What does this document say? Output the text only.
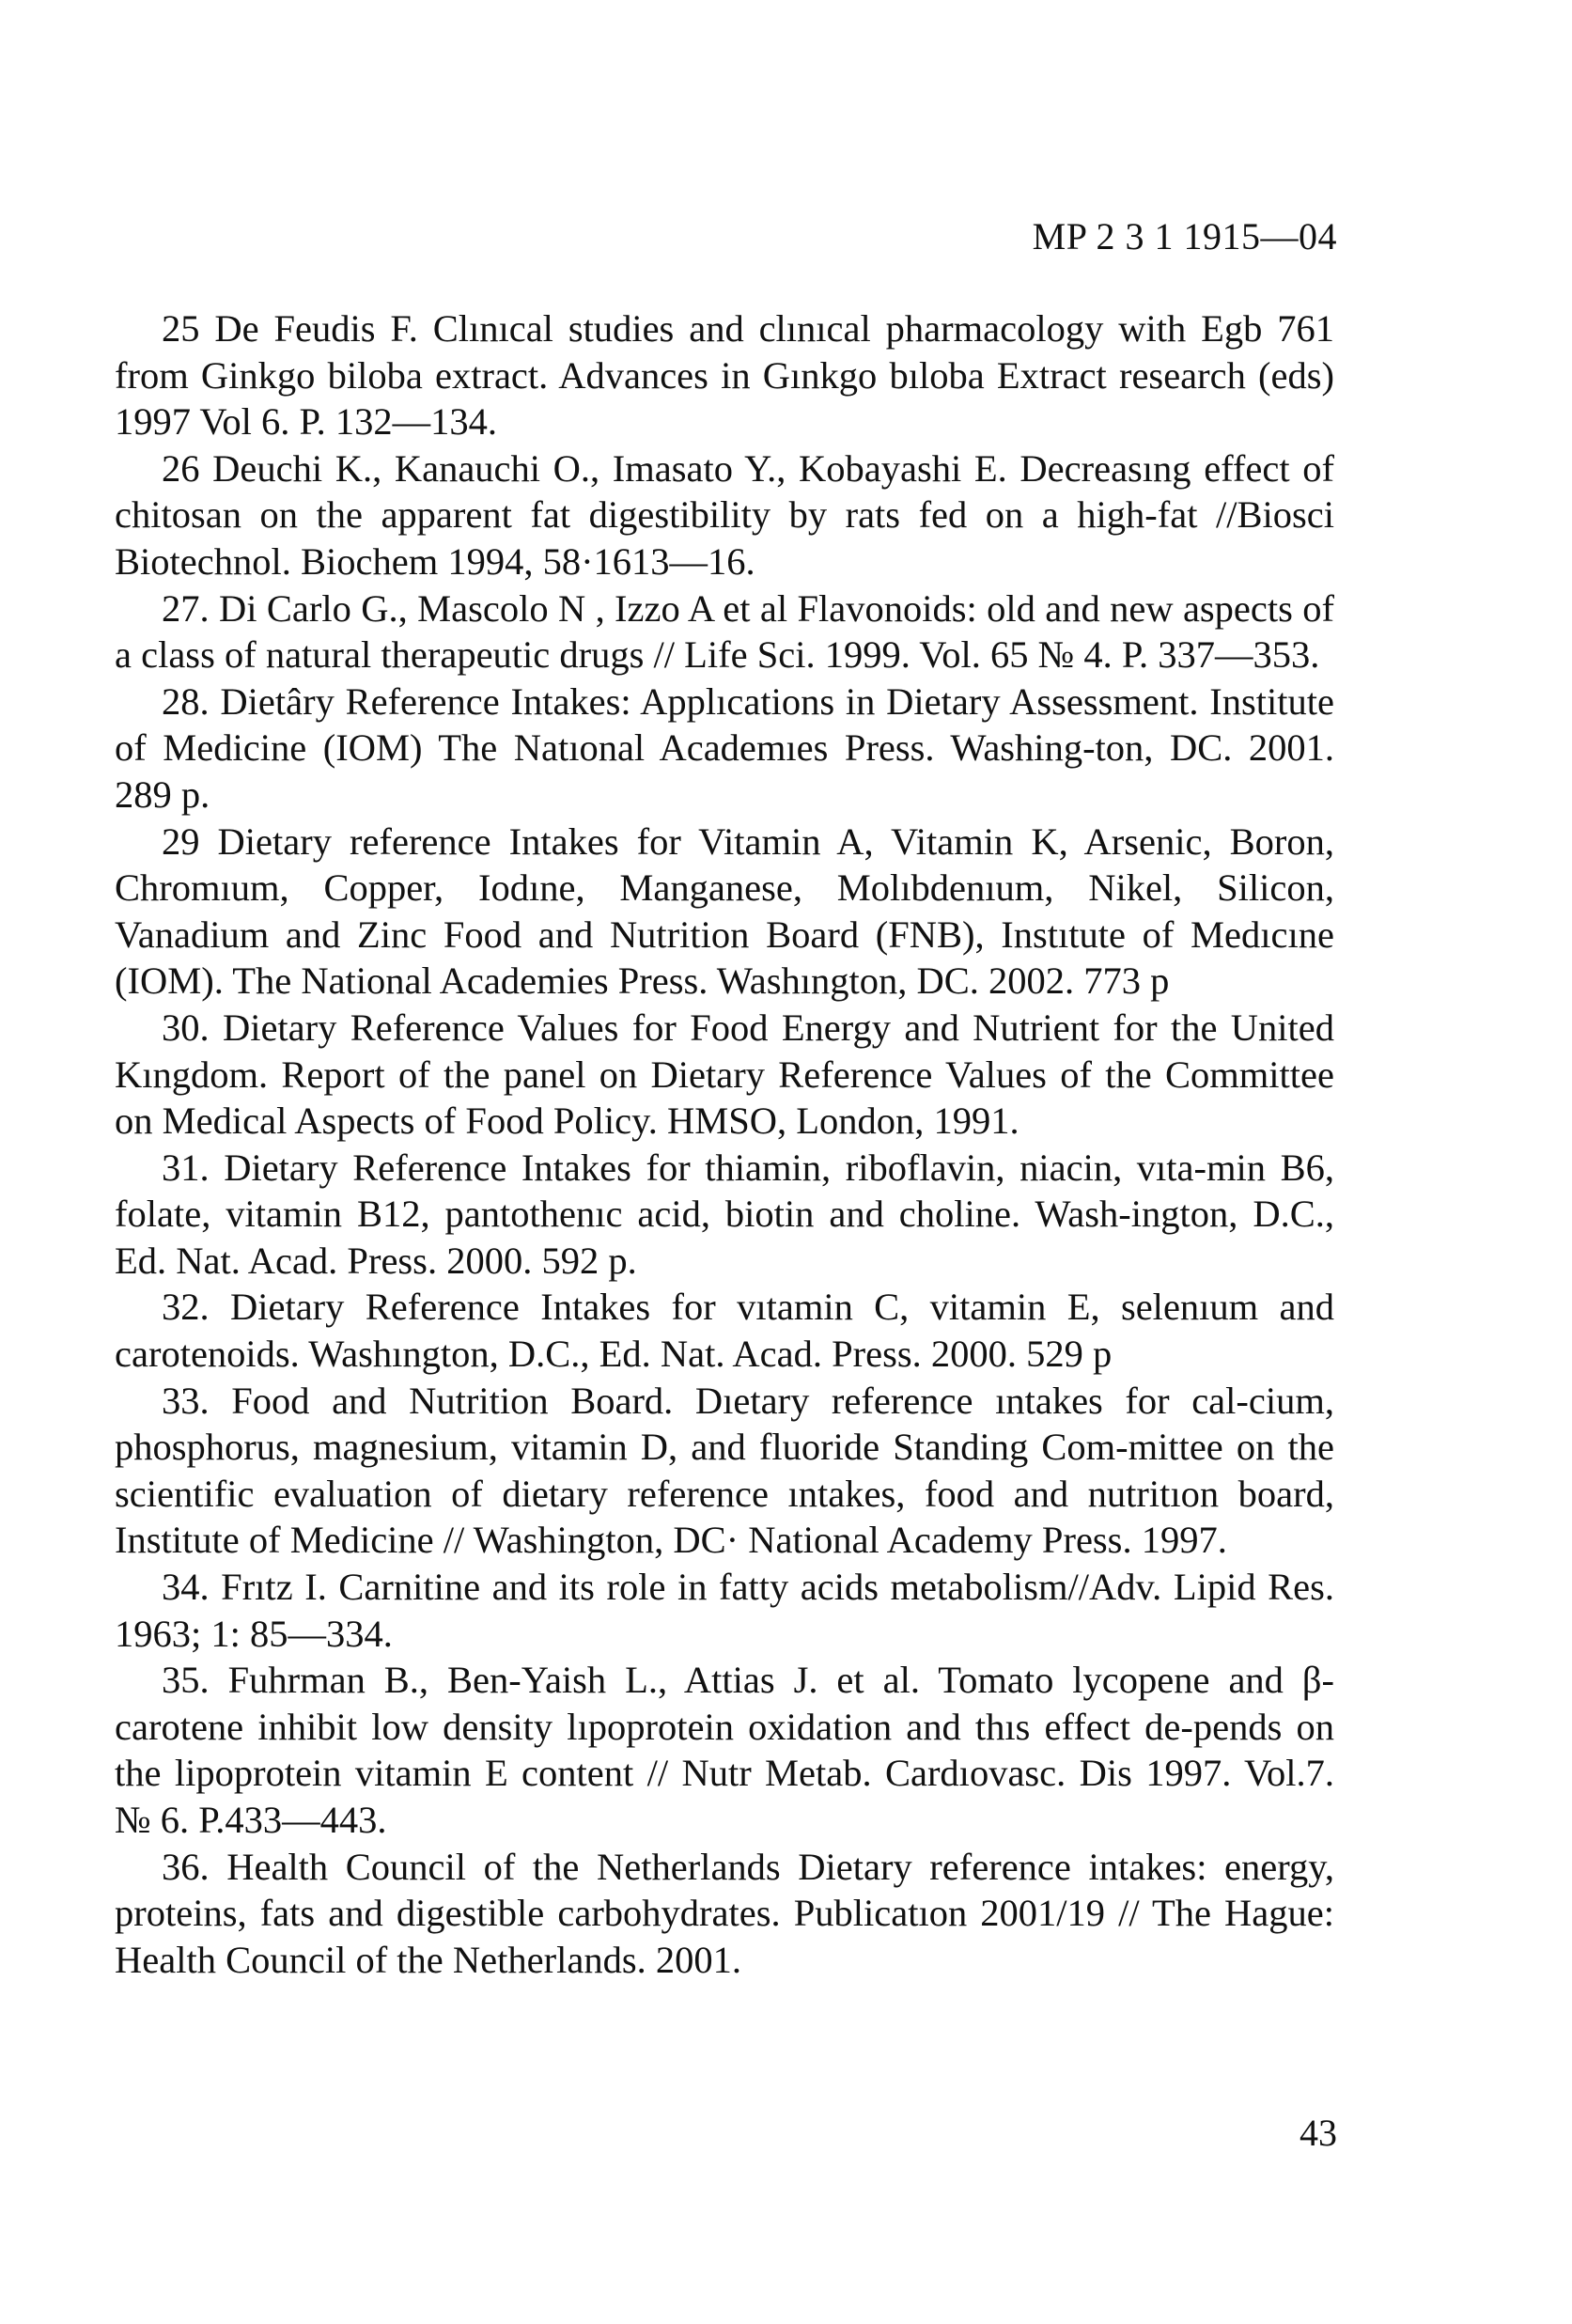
MP 2 3 1 1915—04

25 De Feudis F. Clınıcal studies and clınıcal pharmacology with Egb 761 from Ginkgo biloba extract. Advances in Gınkgo bıloba Extract research (eds) 1997 Vol 6. P. 132—134.

26 Deuchi K., Kanauchi O., Imasato Y., Kobayashi E. Decreasıng effect of chitosan on the apparent fat digestibility by rats fed on a high-fat //Biosci Biotechnol. Biochem 1994, 58·1613—16.

27. Di Carlo G., Mascolo N , Izzo A et al Flavonoids: old and new aspects of a class of natural therapeutic drugs // Life Sci. 1999. Vol. 65 № 4. P. 337—353.

28. Dietâry Reference Intakes: Applıcations in Dietary Assessment. Institute of Medicine (IOM) The Natıonal Academıes Press. Washing-ton, DC. 2001. 289 p.

29 Dietary reference Intakes for Vitamin A, Vitamin K, Arsenic, Boron, Chromıum, Copper, Iodıne, Manganese, Molıbdenıum, Nikel, Silicon, Vanadium and Zinc Food and Nutrition Board (FNB), Instıtute of Medıcıne (IOM). The National Academies Press. Washıngton, DC. 2002. 773 p

30. Dietary Reference Values for Food Energy and Nutrient for the United Kıngdom. Report of the panel on Dietary Reference Values of the Committee on Medical Aspects of Food Policy. HMSO, London, 1991.

31. Dietary Reference Intakes for thiamin, riboflavin, niacin, vıta-min B6, folate, vitamin B12, pantothenıc acid, biotin and choline. Wash-ington, D.C., Ed. Nat. Acad. Press. 2000. 592 p.

32. Dietary Reference Intakes for vıtamin C, vitamin E, selenıum and carotenoids. Washıngton, D.C., Ed. Nat. Acad. Press. 2000. 529 p

33. Food and Nutrition Board. Dıetary reference ıntakes for cal-cium, phosphorus, magnesium, vitamin D, and fluoride Standing Com-mittee on the scientific evaluation of dietary reference ıntakes, food and nutritıon board, Institute of Medicine // Washington, DC· National Academy Press. 1997.

34. Frıtz I. Carnitine and its role in fatty acids metabolism//Adv. Lipid Res. 1963; 1: 85—334.

35. Fuhrman B., Ben-Yaish L., Attias J. et al. Tomato lycopene and β-carotene inhibit low density lıpoprotein oxidation and thıs effect de-pends on the lipoprotein vitamin E content // Nutr Metab. Cardıovasc. Dis 1997. Vol.7. № 6. P.433—443.

36. Health Council of the Netherlands Dietary reference intakes: energy, proteins, fats and digestible carbohydrates. Publicatıon 2001/19 // The Hague: Health Council of the Netherlands. 2001.

43
